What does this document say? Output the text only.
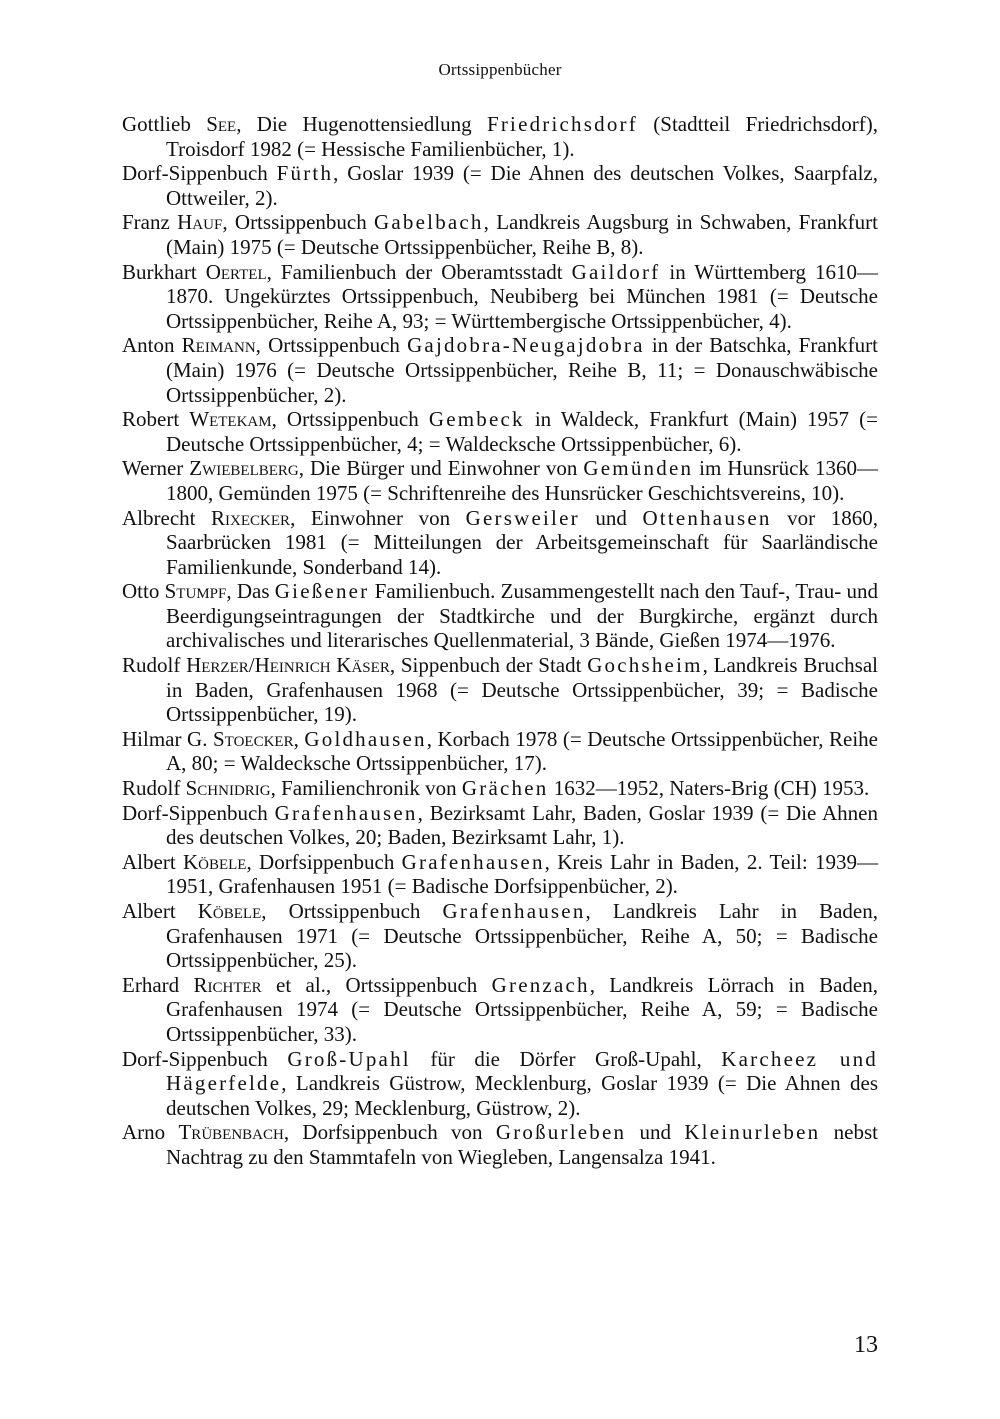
Ortssippenbücher

Gottlieb See, Die Hugenottensiedlung Friedrichsdorf (Stadtteil Friedrichsdorf), Troisdorf 1982 (= Hessische Familienbücher, 1).

Dorf-Sippenbuch Fürth, Goslar 1939 (= Die Ahnen des deutschen Volkes, Saarpfalz, Ottweiler, 2).

Franz Hauf, Ortssippenbuch Gabelbach, Landkreis Augsburg in Schwaben, Frankfurt (Main) 1975 (= Deutsche Ortssippenbücher, Reihe B, 8).

Burkhart Oertel, Familienbuch der Oberamtsstadt Gaildorf in Württemberg 1610—1870. Ungekürztes Ortssippenbuch, Neubiberg bei München 1981 (= Deutsche Ortssippenbücher, Reihe A, 93; = Württembergische Ortssippenbücher, 4).

Anton Reimann, Ortssippenbuch Gajdobra-Neugajdobra in der Batschka, Frankfurt (Main) 1976 (= Deutsche Ortssippenbücher, Reihe B, 11; = Donauschwäbische Ortssippenbücher, 2).

Robert Wetekam, Ortssippenbuch Gembeck in Waldeck, Frankfurt (Main) 1957 (= Deutsche Ortssippenbücher, 4; = Waldecksche Ortssippenbücher, 6).

Werner Zwiebelberg, Die Bürger und Einwohner von Gemünden im Hunsrück 1360—1800, Gemünden 1975 (= Schriftenreihe des Hunsrücker Geschichtsvereins, 10).

Albrecht Rixecker, Einwohner von Gersweiler und Ottenhausen vor 1860, Saarbrücken 1981 (= Mitteilungen der Arbeitsgemeinschaft für Saarländische Familienkunde, Sonderband 14).

Otto Stumpf, Das Gießener Familienbuch. Zusammengestellt nach den Tauf-, Trau- und Beerdigungseintragungen der Stadtkirche und der Burgkirche, ergänzt durch archivalisches und literarisches Quellenmaterial, 3 Bände, Gießen 1974—1976.

Rudolf Herzer/Heinrich Käser, Sippenbuch der Stadt Gochsheim, Landkreis Bruchsal in Baden, Grafenhausen 1968 (= Deutsche Ortssippenbücher, 39; = Badische Ortssippenbücher, 19).

Hilmar G. Stoecker, Goldhausen, Korbach 1978 (= Deutsche Ortssippenbücher, Reihe A, 80; = Waldecksche Ortssippenbücher, 17).

Rudolf Schnidrig, Familienchronik von Grächen 1632—1952, Naters-Brig (CH) 1953.

Dorf-Sippenbuch Grafenhausen, Bezirksamt Lahr, Baden, Goslar 1939 (= Die Ahnen des deutschen Volkes, 20; Baden, Bezirksamt Lahr, 1).

Albert Köbele, Dorfsippenbuch Grafenhausen, Kreis Lahr in Baden, 2. Teil: 1939—1951, Grafenhausen 1951 (= Badische Dorfsippenbücher, 2).

Albert Köbele, Ortssippenbuch Grafenhausen, Landkreis Lahr in Baden, Grafenhausen 1971 (= Deutsche Ortssippenbücher, Reihe A, 50; = Badische Ortssippenbücher, 25).

Erhard Richter et al., Ortssippenbuch Grenzach, Landkreis Lörrach in Baden, Grafenhausen 1974 (= Deutsche Ortssippenbücher, Reihe A, 59; = Badische Ortssippenbücher, 33).

Dorf-Sippenbuch Groß-Upahl für die Dörfer Groß-Upahl, Karcheez und Hägerfelde, Landkreis Güstrow, Mecklenburg, Goslar 1939 (= Die Ahnen des deutschen Volkes, 29; Mecklenburg, Güstrow, 2).

Arno Trübenbach, Dorfsippenbuch von Großurleben und Kleinurleben nebst Nachtrag zu den Stammtafeln von Wiegleben, Langensalza 1941.

13
